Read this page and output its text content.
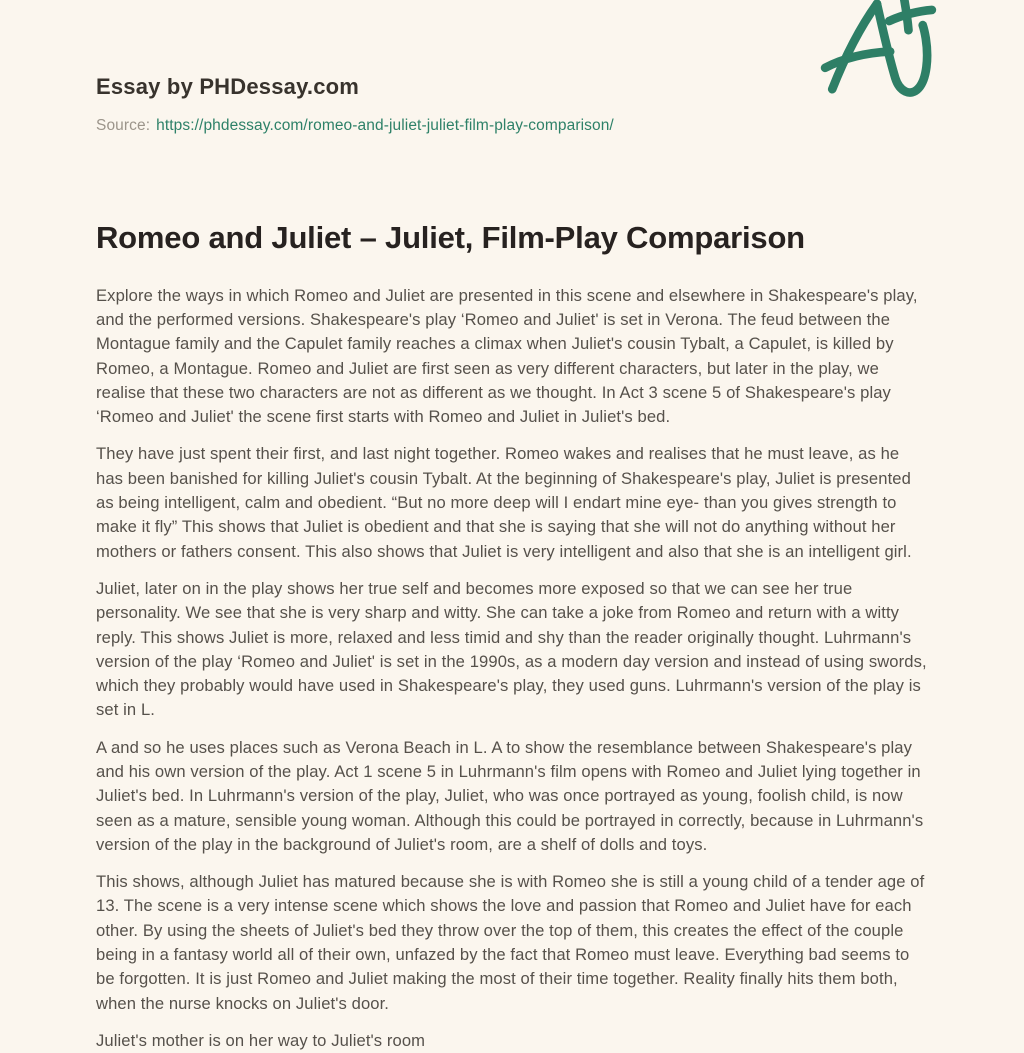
Essay by PHDessay.com
Source: https://phdessay.com/romeo-and-juliet-juliet-film-play-comparison/
Romeo and Juliet – Juliet, Film-Play Comparison

Explore the ways in which Romeo and Juliet are presented in this scene and elsewhere in Shakespeare's play, and the performed versions. Shakespeare's play ‘Romeo and Juliet' is set in Verona. The feud between the Montague family and the Capulet family reaches a climax when Juliet's cousin Tybalt, a Capulet, is killed by Romeo, a Montague. Romeo and Juliet are first seen as very different characters, but later in the play, we realise that these two characters are not as different as we thought. In Act 3 scene 5 of Shakespeare's play ‘Romeo and Juliet' the scene first starts with Romeo and Juliet in Juliet's bed.

They have just spent their first, and last night together. Romeo wakes and realises that he must leave, as he has been banished for killing Juliet's cousin Tybalt. At the beginning of Shakespeare's play, Juliet is presented as being intelligent, calm and obedient. “But no more deep will I endart mine eye- than you gives strength to make it fly” This shows that Juliet is obedient and that she is saying that she will not do anything without her mothers or fathers consent. This also shows that Juliet is very intelligent and also that she is an intelligent girl.

Juliet, later on in the play shows her true self and becomes more exposed so that we can see her true personality. We see that she is very sharp and witty. She can take a joke from Romeo and return with a witty reply. This shows Juliet is more, relaxed and less timid and shy than the reader originally thought. Luhrmann's version of the play ‘Romeo and Juliet' is set in the 1990s, as a modern day version and instead of using swords, which they probably would have used in Shakespeare's play, they used guns. Luhrmann's version of the play is set in L.

A and so he uses places such as Verona Beach in L. A to show the resemblance between Shakespeare's play and his own version of the play. Act 1 scene 5 in Luhrmann's film opens with Romeo and Juliet lying together in Juliet's bed. In Luhrmann's version of the play, Juliet, who was once portrayed as young, foolish child, is now seen as a mature, sensible young woman. Although this could be portrayed in correctly, because in Luhrmann's version of the play in the background of Juliet's room, are a shelf of dolls and toys.

This shows, although Juliet has matured because she is with Romeo she is still a young child of a tender age of 13. The scene is a very intense scene which shows the love and passion that Romeo and Juliet have for each other. By using the sheets of Juliet's bed they throw over the top of them, this creates the effect of the couple being in a fantasy world all of their own, unfazed by the fact that Romeo must leave. Everything bad seems to be forgotten. It is just Romeo and Juliet making the most of their time together. Reality finally hits them both, when the nurse knocks on Juliet's door.

Juliet's mother is on her way to Juliet's room
